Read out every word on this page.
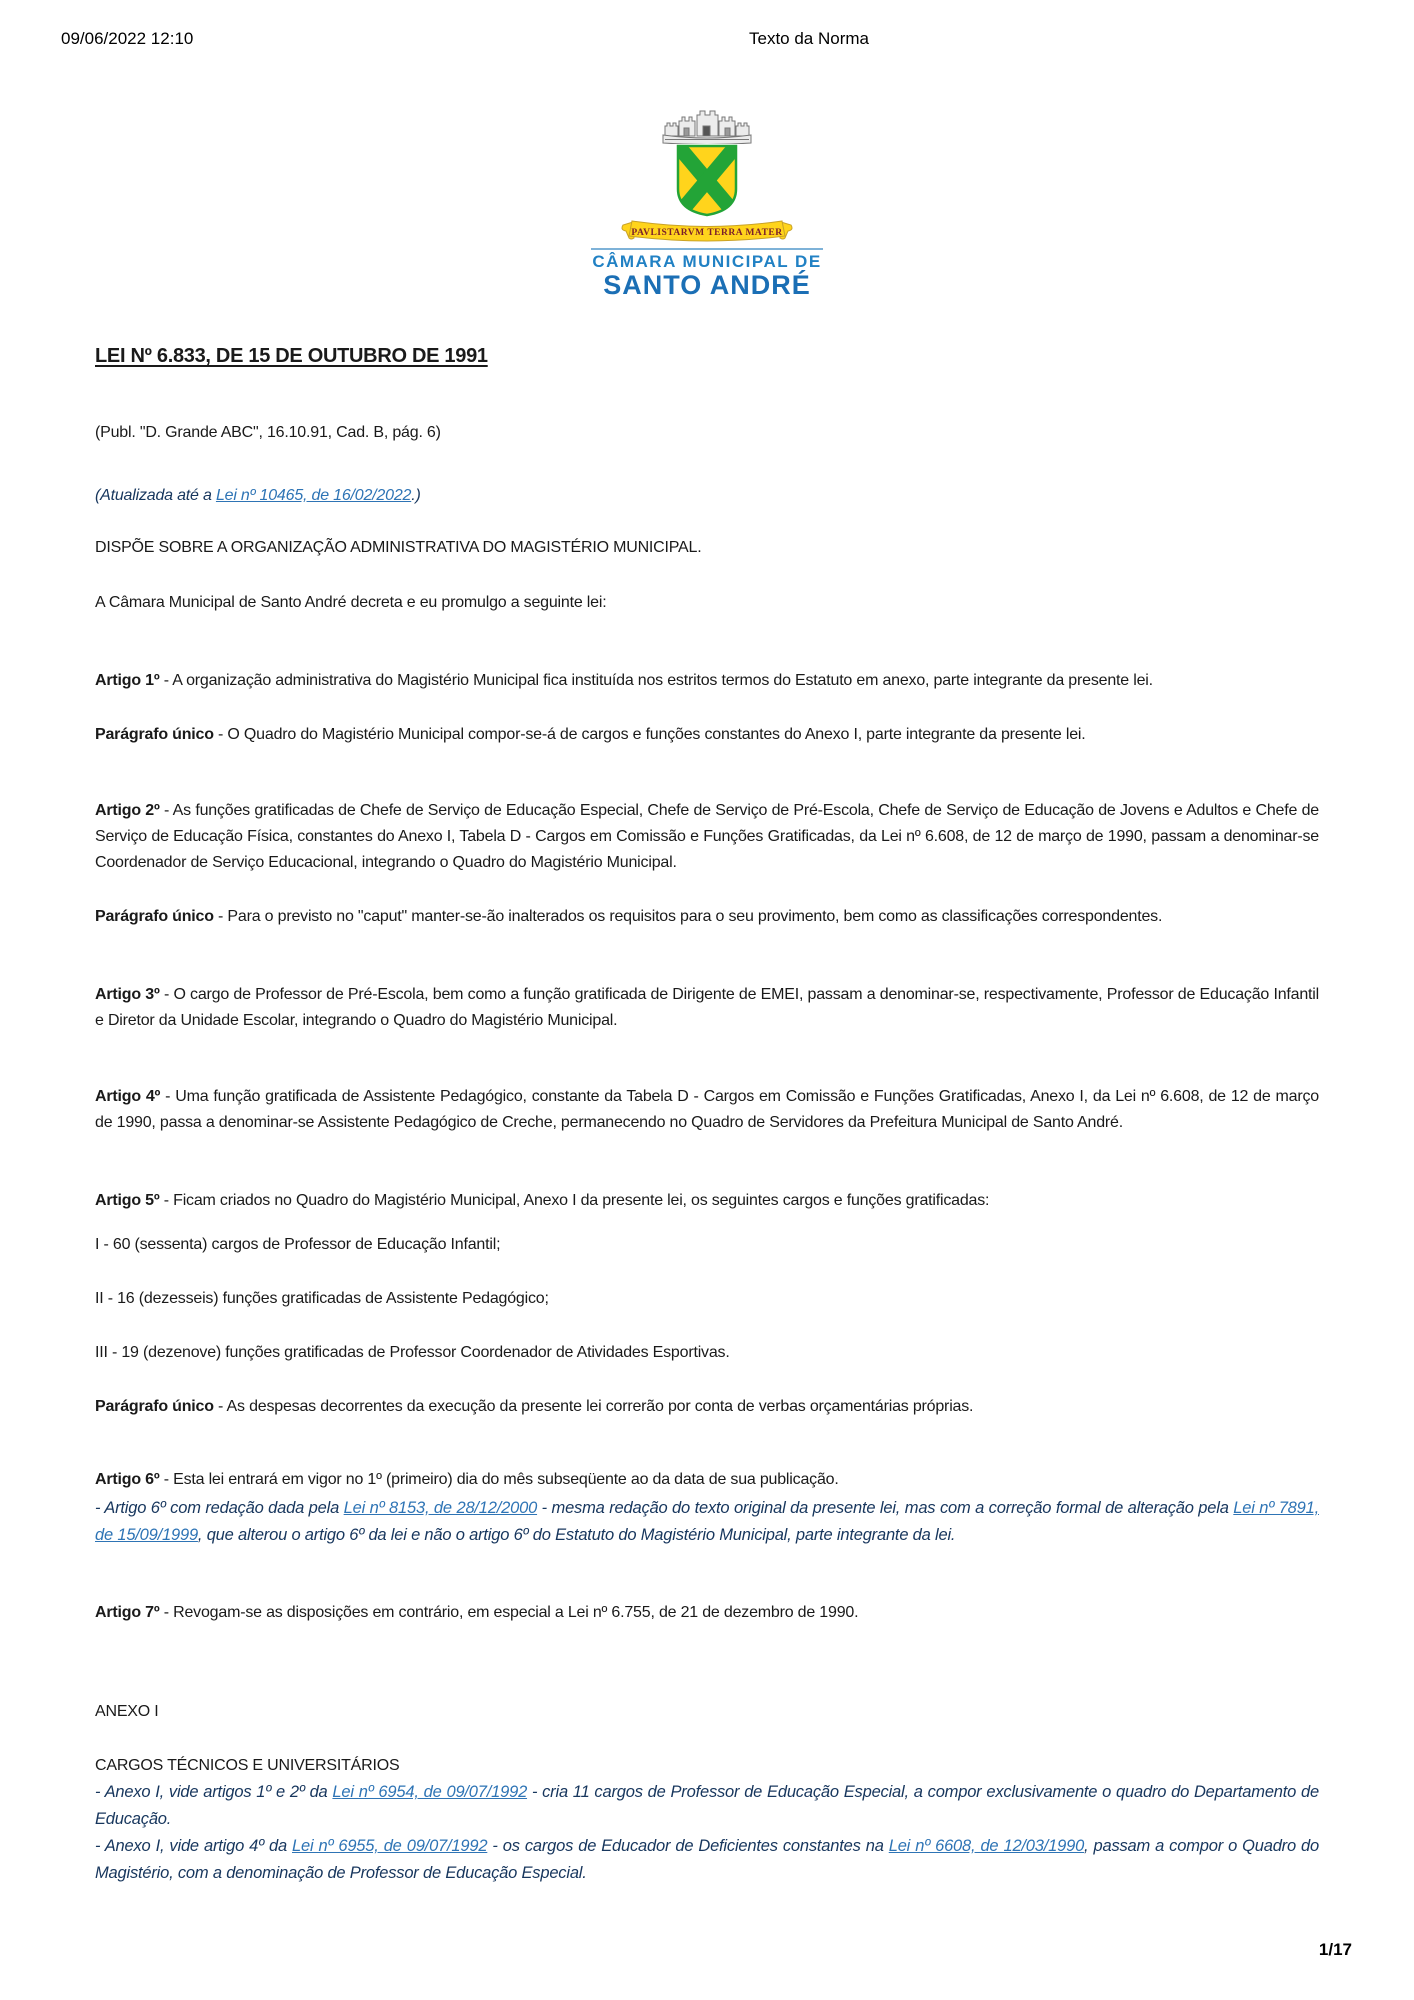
09/06/2022 12:10	Texto da Norma
PAVLISTARVM TERRA MATER
CÂMARA MUNICIPAL DE
SANTO ANDRÉ
LEI Nº 6.833, DE 15 DE OUTUBRO DE 1991
(Publ. "D. Grande ABC", 16.10.91, Cad. B, pág. 6)
(Atualizada até a Lei nº 10465, de 16/02/2022.)
DISPÕE SOBRE A ORGANIZAÇÃO ADMINISTRATIVA DO MAGISTÉRIO MUNICIPAL.
A Câmara Municipal de Santo André decreta e eu promulgo a seguinte lei:
Artigo 1º - A organização administrativa do Magistério Municipal fica instituída nos estritos termos do Estatuto em anexo, parte integrante da presente lei.
Parágrafo único - O Quadro do Magistério Municipal compor-se-á de cargos e funções constantes do Anexo I, parte integrante da presente lei.
Artigo 2º - As funções gratificadas de Chefe de Serviço de Educação Especial, Chefe de Serviço de Pré-Escola, Chefe de Serviço de Educação de Jovens e Adultos e Chefe de Serviço de Educação Física, constantes do Anexo I, Tabela D - Cargos em Comissão e Funções Gratificadas, da Lei nº 6.608, de 12 de março de 1990, passam a denominar-se Coordenador de Serviço Educacional, integrando o Quadro do Magistério Municipal.
Parágrafo único - Para o previsto no "caput" manter-se-ão inalterados os requisitos para o seu provimento, bem como as classificações correspondentes.
Artigo 3º - O cargo de Professor de Pré-Escola, bem como a função gratificada de Dirigente de EMEI, passam a denominar-se, respectivamente, Professor de Educação Infantil e Diretor da Unidade Escolar, integrando o Quadro do Magistério Municipal.
Artigo 4º - Uma função gratificada de Assistente Pedagógico, constante da Tabela D - Cargos em Comissão e Funções Gratificadas, Anexo I, da Lei nº 6.608, de 12 de março de 1990, passa a denominar-se Assistente Pedagógico de Creche, permanecendo no Quadro de Servidores da Prefeitura Municipal de Santo André.
Artigo 5º - Ficam criados no Quadro do Magistério Municipal, Anexo I da presente lei, os seguintes cargos e funções gratificadas:
I - 60 (sessenta) cargos de Professor de Educação Infantil;
II - 16 (dezesseis) funções gratificadas de Assistente Pedagógico;
III - 19 (dezenove) funções gratificadas de Professor Coordenador de Atividades Esportivas.
Parágrafo único - As despesas decorrentes da execução da presente lei correrão por conta de verbas orçamentárias próprias.
Artigo 6º - Esta lei entrará em vigor no 1º (primeiro) dia do mês subseqüente ao da data de sua publicação.
- Artigo 6º com redação dada pela Lei nº 8153, de 28/12/2000 - mesma redação do texto original da presente lei, mas com a correção formal de alteração pela Lei nº 7891, de 15/09/1999, que alterou o artigo 6º da lei e não o artigo 6º do Estatuto do Magistério Municipal, parte integrante da lei.
Artigo 7º - Revogam-se as disposições em contrário, em especial a Lei nº 6.755, de 21 de dezembro de 1990.
ANEXO I
CARGOS TÉCNICOS E UNIVERSITÁRIOS
- Anexo I, vide artigos 1º e 2º da Lei nº 6954, de 09/07/1992 - cria 11 cargos de Professor de Educação Especial, a compor exclusivamente o quadro do Departamento de Educação.
- Anexo I, vide artigo 4º da Lei nº 6955, de 09/07/1992 - os cargos de Educador de Deficientes constantes na Lei nº 6608, de 12/03/1990, passam a compor o Quadro do Magistério, com a denominação de Professor de Educação Especial.
1/17
